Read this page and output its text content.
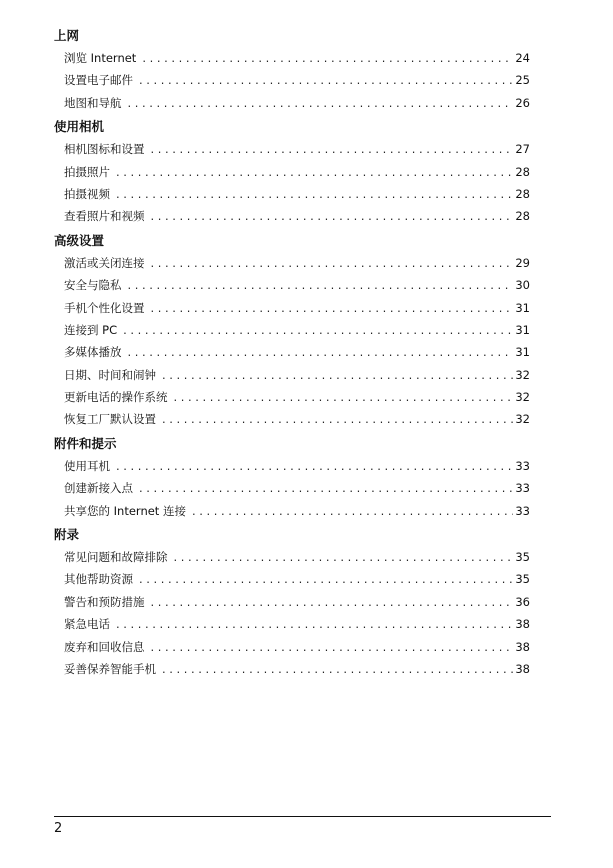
上网
浏览 Internet .....	24
设置电子邮件 .....	25
地图和导航 .....	26
使用相机
相机图标和设置 .....	27
拍摄照片 .....	28
拍摄视频 .....	28
查看照片和视频 .....	28
高级设置
激活或关闭连接 .....	29
安全与隐私 .....	30
手机个性化设置 .....	31
连接到 PC .....	31
多媒体播放 .....	31
日期、时间和闹钟 .....	32
更新电话的操作系统 .....	32
恢复工厂默认设置 .....	32
附件和提示
使用耳机 .....	33
创建新接入点 .....	33
共享您的 Internet 连接 .....	33
附录
常见问题和故障排除 .....	35
其他帮助资源 .....	35
警告和预防措施 .....	36
紧急电话 .....	38
废弃和回收信息 .....	38
妥善保养智能手机 .....	38
2
